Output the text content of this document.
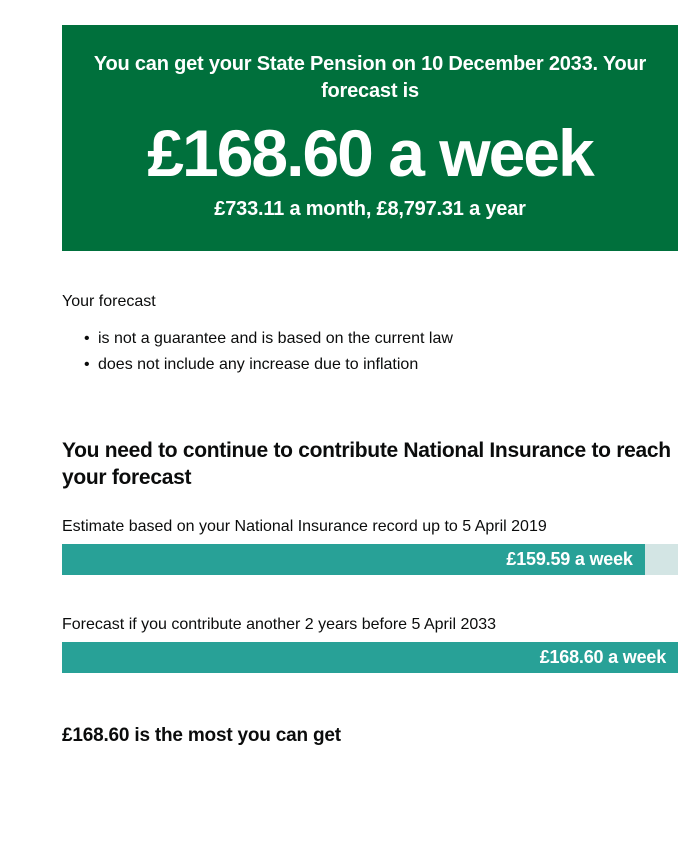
You can get your State Pension on 10 December 2033. Your forecast is

£168.60 a week

£733.11 a month, £8,797.31 a year

Your forecast

• is not a guarantee and is based on the current law
• does not include any increase due to inflation
You need to continue to contribute National Insurance to reach your forecast

Estimate based on your National Insurance record up to 5 April 2019

£159.59 a week

Forecast if you contribute another 2 years before 5 April 2033

£168.60 a week
£168.60 is the most you can get
